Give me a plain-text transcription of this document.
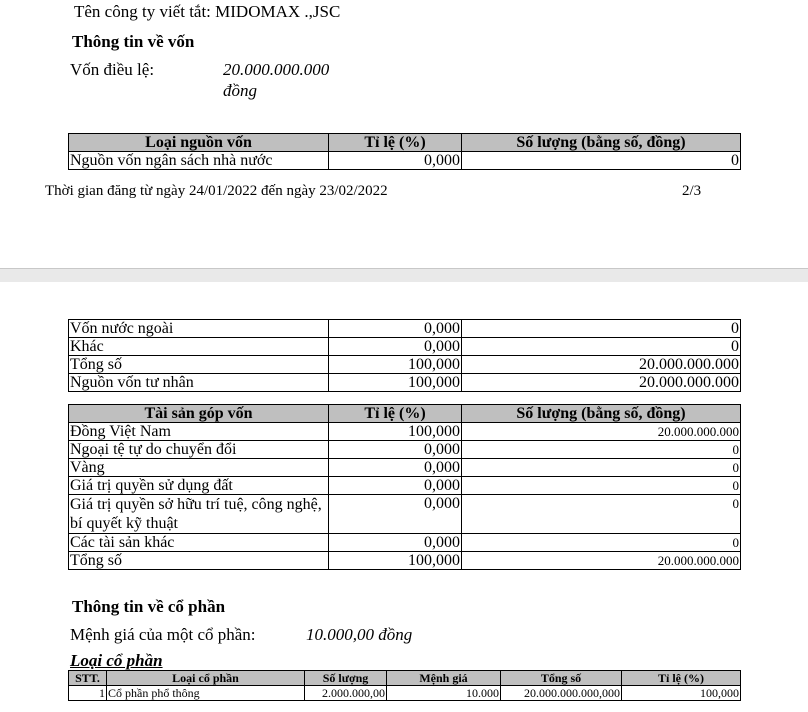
Tên công ty viết tắt: MIDOMAX .,JSC
Thông tin về vốn
Vốn điều lệ:	20.000.000.000
đồng
Loại nguồn vốn	Tỉ lệ (%)	Số lượng (bằng số, đồng)
Nguồn vốn ngân sách nhà nước	0,000	0
Thời gian đăng từ ngày 24/01/2022 đến ngày 23/02/2022	2/3
Vốn nước ngoài	0,000	0
Khác	0,000	0
Tổng số	100,000	20.000.000.000
Nguồn vốn tư nhân	100,000	20.000.000.000
Tài sản góp vốn	Tỉ lệ (%)	Số lượng (bằng số, đồng)
Đồng Việt Nam	100,000	20.000.000.000
Ngoại tệ tự do chuyển đổi	0,000	0
Vàng	0,000	0
Giá trị quyền sử dụng đất	0,000	0
Giá trị quyền sở hữu trí tuệ, công nghệ, bí quyết kỹ thuật	0,000	0
Các tài sản khác	0,000	0
Tổng số	100,000	20.000.000.000
Thông tin về cổ phần
Mệnh giá của một cổ phần:	10.000,00 đồng
Loại cổ phần
STT.	Loại cổ phần	Số lượng	Mệnh giá	Tổng số	Tỉ lệ (%)
1	Cổ phần phổ thông	2.000.000,00	10.000	20.000.000.000,000	100,000
